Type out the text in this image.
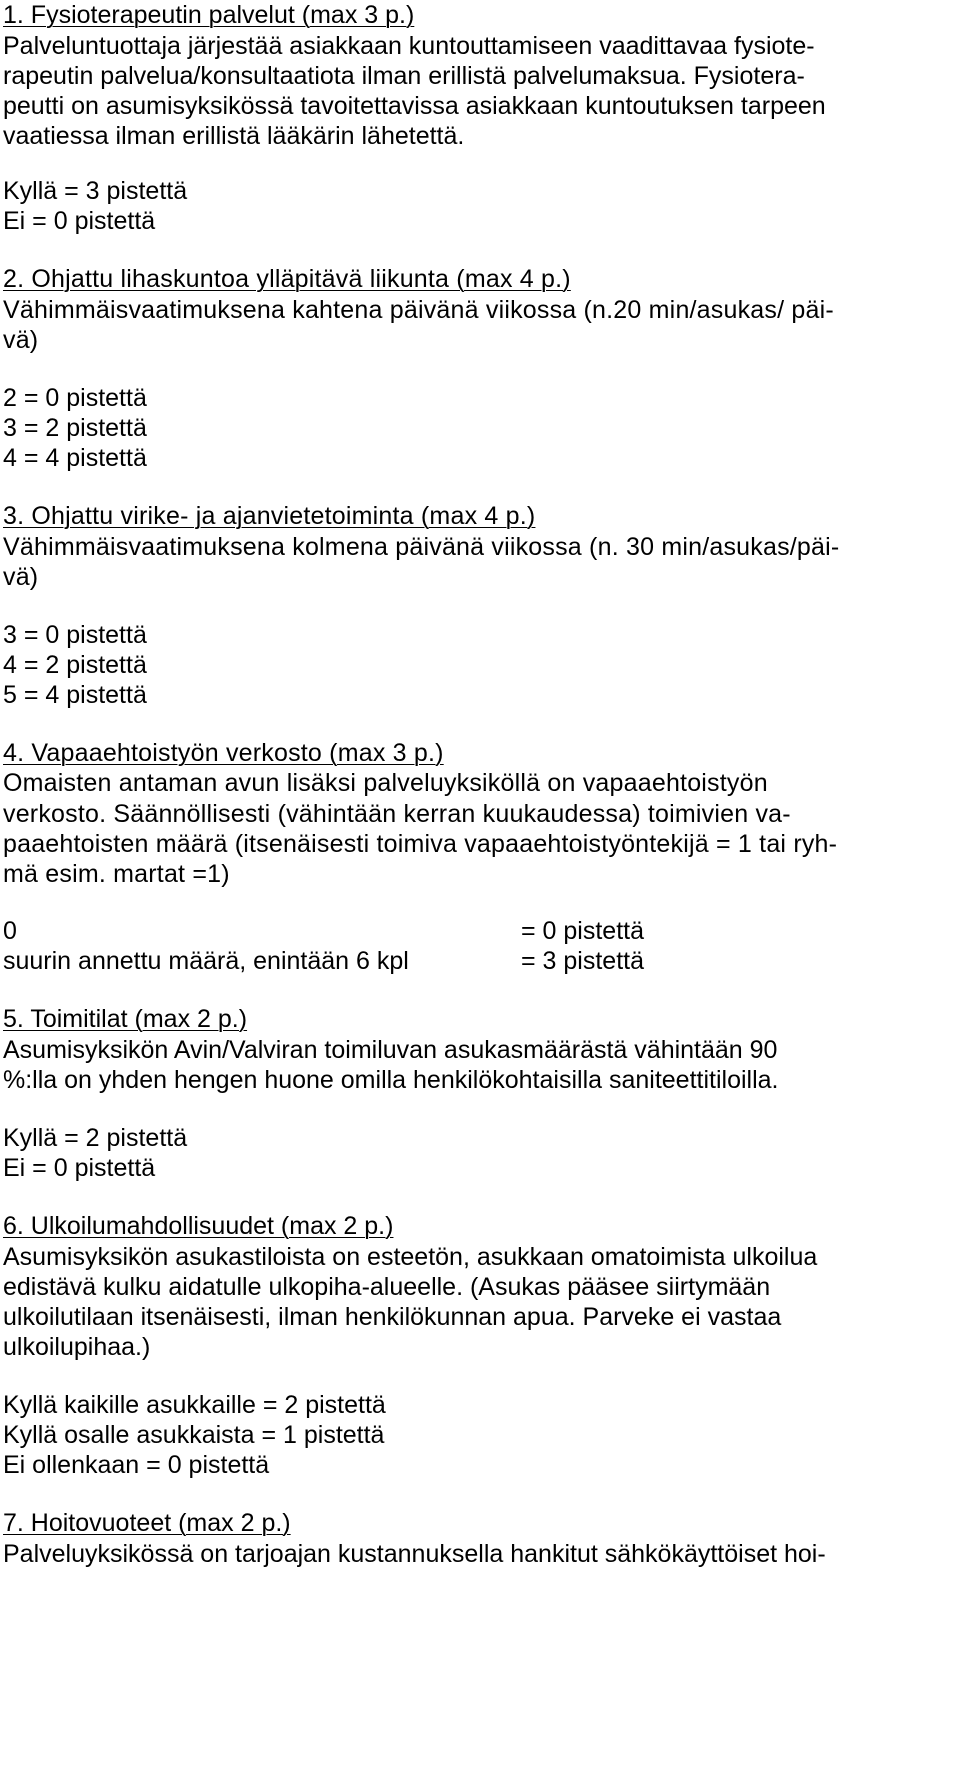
1. Fysioterapeutin palvelut (max 3 p.)
Palveluntuottaja järjestää asiakkaan kuntouttamiseen vaadittavaa fysiote-
rapeutin palvelua/konsultaatiota ilman erillistä palvelumaksua. Fysiotera-
peutti on asumisyksikössä tavoitettavissa asiakkaan kuntoutuksen tarpeen
vaatiessa ilman erillistä lääkärin lähetettä.
Kyllä = 3 pistettä
Ei = 0 pistettä
2. Ohjattu lihaskuntoa ylläpitävä liikunta (max 4 p.)
Vähimmäisvaatimuksena kahtena päivänä viikossa (n.20 min/asukas/ päi-
vä)
2 = 0 pistettä
3 = 2 pistettä
4 = 4 pistettä
3. Ohjattu virike- ja ajanvietetoiminta (max 4 p.)
Vähimmäisvaatimuksena kolmena päivänä viikossa (n. 30 min/asukas/päi-
vä)
3 = 0 pistettä
4 = 2 pistettä
5 = 4 pistettä
4. Vapaaehtoistyön verkosto (max 3 p.)
Omaisten antaman avun lisäksi palveluyksiköllä on vapaaehtoistyön
verkosto. Säännöllisesti (vähintään kerran kuukaudessa) toimivien va-
paaehtoisten määrä (itsenäisesti toimiva vapaaehtoistyöntekijä = 1 tai ryh-
mä esim. martat =1)
0	= 0 pistettä
suurin annettu määrä, enintään 6 kpl	= 3 pistettä
5. Toimitilat (max 2 p.)
Asumisyksikön Avin/Valviran toimiluvan asukasmäärästä vähintään 90
%:lla on yhden hengen huone omilla henkilökohtaisilla saniteettitiloilla.
Kyllä = 2 pistettä
Ei = 0 pistettä
6. Ulkoilumahdollisuudet (max 2 p.)
Asumisyksikön asukastiloista on esteetön, asukkaan omatoimista ulkoilua
edistävä kulku aidatulle ulkopiha-alueelle. (Asukas pääsee siirtymään
ulkoilutilaan itsenäisesti, ilman henkilökunnan apua. Parveke ei vastaa
ulkoilupihaa.)
Kyllä kaikille asukkaille = 2 pistettä
Kyllä osalle asukkaista = 1 pistettä
Ei ollenkaan = 0 pistettä
7. Hoitovuoteet (max 2 p.)
Palveluyksikössä on tarjoajan kustannuksella hankitut sähkökäyttöiset hoi-
